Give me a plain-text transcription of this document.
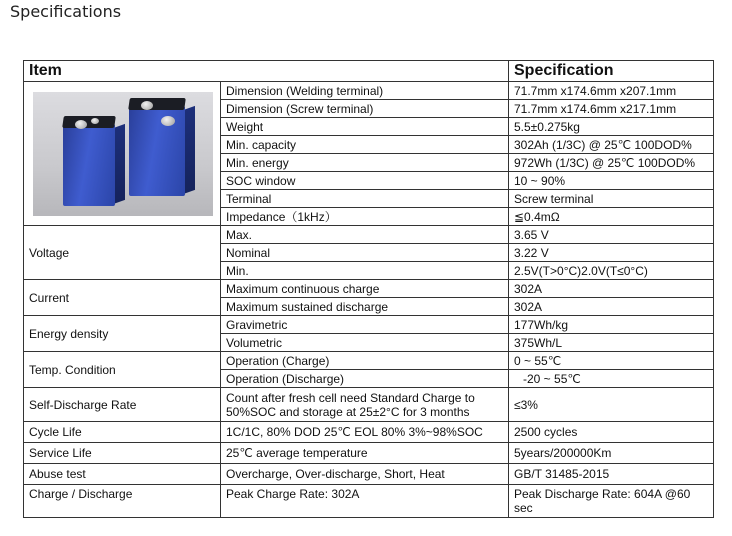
Specifications
Item		Specification

	Dimension (Welding terminal)	71.7mm x174.6mm x207.1mm
	Dimension (Screw terminal)	71.7mm x174.6mm x217.1mm
	Weight	5.5±0.275kg
	Min. capacity	302Ah (1/3C) @ 25℃ 100DOD%
	Min. energy	972Wh (1/3C) @ 25℃ 100DOD%
	SOC window	10 ~ 90%
	Terminal	Screw terminal
	Impedance（1kHz）	≦0.4mΩ
Voltage	Max.	3.65 V
	Nominal	3.22 V
	Min.	2.5V(T>0°C)2.0V(T≤0°C)
Current	Maximum continuous charge	302A
	Maximum sustained discharge	302A
Energy density	Gravimetric	177Wh/kg
	Volumetric	375Wh/L
Temp. Condition	Operation (Charge)	0 ~ 55℃
	Operation (Discharge)	-20 ~ 55℃
Self-Discharge Rate	Count after fresh cell need Standard Charge to 50%SOC and storage at 25±2°C for 3 months	≤3%
Cycle Life	1C/1C, 80% DOD 25℃ EOL 80% 3%~98%SOC	2500 cycles
Service Life	25℃ average temperature	5years/200000Km
Abuse test	Overcharge, Over-discharge, Short, Heat	GB/T 31485-2015
Charge / Discharge	Peak Charge Rate: 302A	Peak Discharge Rate: 604A @60 sec
